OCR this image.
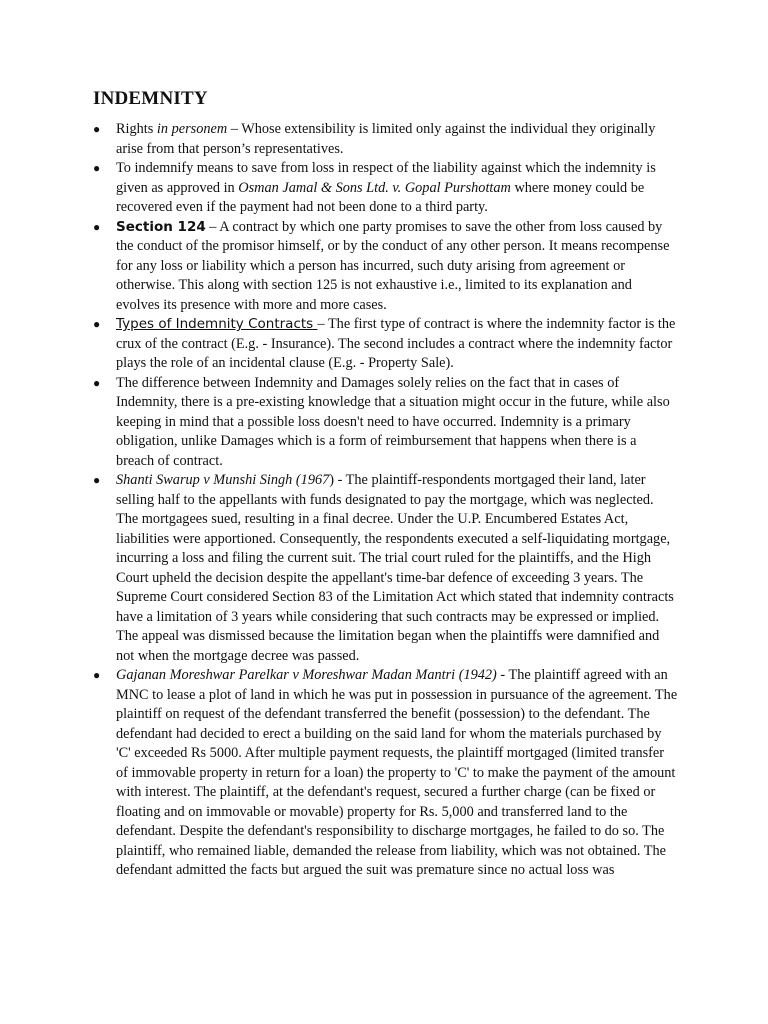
INDEMNITY
● Rights in personem – Whose extensibility is limited only against the individual they originally arise from that person’s representatives.
● To indemnify means to save from loss in respect of the liability against which the indemnity is given as approved in Osman Jamal & Sons Ltd. v. Gopal Purshottam where money could be recovered even if the payment had not been done to a third party.
● Section 124 – A contract by which one party promises to save the other from loss caused by the conduct of the promisor himself, or by the conduct of any other person. It means recompense for any loss or liability which a person has incurred, such duty arising from agreement or otherwise. This along with section 125 is not exhaustive i.e., limited to its explanation and evolves its presence with more and more cases.
● Types of Indemnity Contracts – The first type of contract is where the indemnity factor is the crux of the contract (E.g. - Insurance). The second includes a contract where the indemnity factor plays the role of an incidental clause (E.g. - Property Sale).
● The difference between Indemnity and Damages solely relies on the fact that in cases of Indemnity, there is a pre-existing knowledge that a situation might occur in the future, while also keeping in mind that a possible loss doesn't need to have occurred. Indemnity is a primary obligation, unlike Damages which is a form of reimbursement that happens when there is a breach of contract.
● Shanti Swarup v Munshi Singh (1967) - The plaintiff-respondents mortgaged their land, later selling half to the appellants with funds designated to pay the mortgage, which was neglected. The mortgagees sued, resulting in a final decree. Under the U.P. Encumbered Estates Act, liabilities were apportioned. Consequently, the respondents executed a self-liquidating mortgage, incurring a loss and filing the current suit. The trial court ruled for the plaintiffs, and the High Court upheld the decision despite the appellant's time-bar defence of exceeding 3 years. The Supreme Court considered Section 83 of the Limitation Act which stated that indemnity contracts have a limitation of 3 years while considering that such contracts may be expressed or implied. The appeal was dismissed because the limitation began when the plaintiffs were damnified and not when the mortgage decree was passed.
● Gajanan Moreshwar Parelkar v Moreshwar Madan Mantri (1942) - The plaintiff agreed with an MNC to lease a plot of land in which he was put in possession in pursuance of the agreement. The plaintiff on request of the defendant transferred the benefit (possession) to the defendant. The defendant had decided to erect a building on the said land for whom the materials purchased by 'C' exceeded Rs 5000. After multiple payment requests, the plaintiff mortgaged (limited transfer of immovable property in return for a loan) the property to 'C' to make the payment of the amount with interest. The plaintiff, at the defendant's request, secured a further charge (can be fixed or floating and on immovable or movable) property for Rs. 5,000 and transferred land to the defendant. Despite the defendant's responsibility to discharge mortgages, he failed to do so. The plaintiff, who remained liable, demanded the release from liability, which was not obtained. The defendant admitted the facts but argued the suit was premature since no actual loss was
